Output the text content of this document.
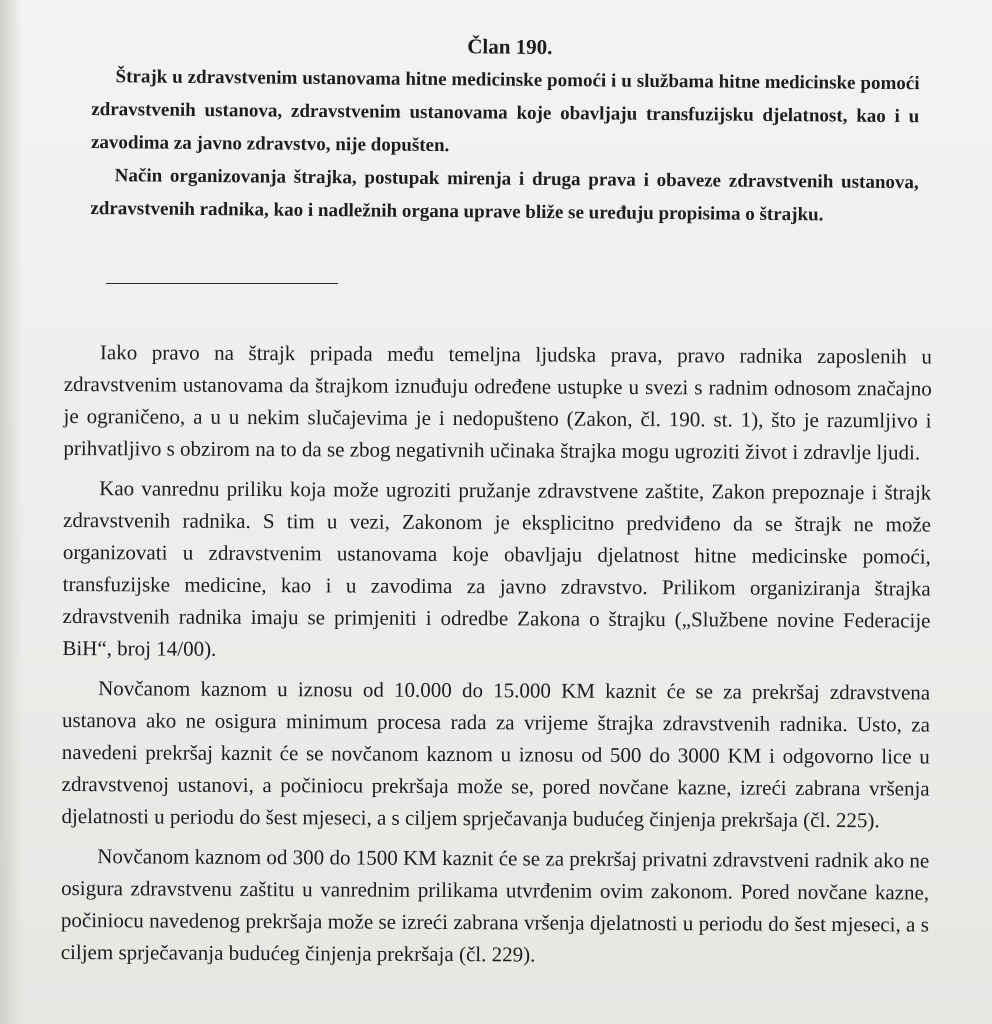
Član 190.

Štrajk u zdravstvenim ustanovama hitne medicinske pomoći i u službama hitne medicinske pomoći zdravstvenih ustanova, zdravstvenim ustanovama koje obavljaju transfuzijsku djelatnost, kao i u zavodima za javno zdravstvo, nije dopušten.

Način organizovanja štrajka, postupak mirenja i druga prava i obaveze zdravstvenih ustanova, zdravstvenih radnika, kao i nadležnih organa uprave bliže se uređuju propisima o štrajku.

Iako pravo na štrajk pripada među temeljna ljudska prava, pravo radnika zaposlenih u zdravstvenim ustanovama da štrajkom iznuđuju određene ustupke u svezi s radnim odnosom značajno je ograničeno, a u u nekim slučajevima je i nedopušteno (Zakon, čl. 190. st. 1), što je razumljivo i prihvatljivo s obzirom na to da se zbog negativnih učinaka štrajka mogu ugroziti život i zdravlje ljudi.

Kao vanrednu priliku koja može ugroziti pružanje zdravstvene zaštite, Zakon prepoznaje i štrajk zdravstvenih radnika. S tim u vezi, Zakonom je eksplicitno predviđeno da se štrajk ne može organizovati u zdravstvenim ustanovama koje obavljaju djelatnost hitne medicinske pomoći, transfuzijske medicine, kao i u zavodima za javno zdravstvo. Prilikom organiziranja štrajka zdravstvenih radnika imaju se primjeniti i odredbe Zakona o štrajku („Službene novine Federacije BiH“, broj 14/00).

Novčanom kaznom u iznosu od 10.000 do 15.000 KM kaznit će se za prekršaj zdravstvena ustanova ako ne osigura minimum procesa rada za vrijeme štrajka zdravstvenih radnika. Usto, za navedeni prekršaj kaznit će se novčanom kaznom u iznosu od 500 do 3000 KM i odgovorno lice u zdravstvenoj ustanovi, a počiniocu prekršaja može se, pored novčane kazne, izreći zabrana vršenja djelatnosti u periodu do šest mjeseci, a s ciljem sprječavanja budućeg činjenja prekršaja (čl. 225).

Novčanom kaznom od 300 do 1500 KM kaznit će se za prekršaj privatni zdravstveni radnik ako ne osigura zdravstvenu zaštitu u vanrednim prilikama utvrđenim ovim zakonom. Pored novčane kazne, počiniocu navedenog prekršaja može se izreći zabrana vršenja djelatnosti u periodu do šest mjeseci, a s ciljem sprječavanja budućeg činjenja prekršaja (čl. 229).
